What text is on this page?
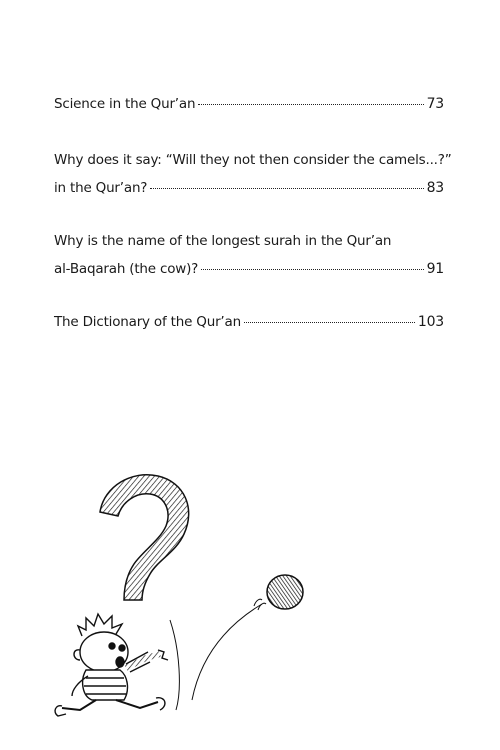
Science in the Qur’an	73
Why does it say: “Will they not then consider the camels...?”
in the Qur’an?	83
Why is the name of the longest surah in the Qur’an
al-Baqarah (the cow)?	91
The Dictionary of the Qur’an	103
